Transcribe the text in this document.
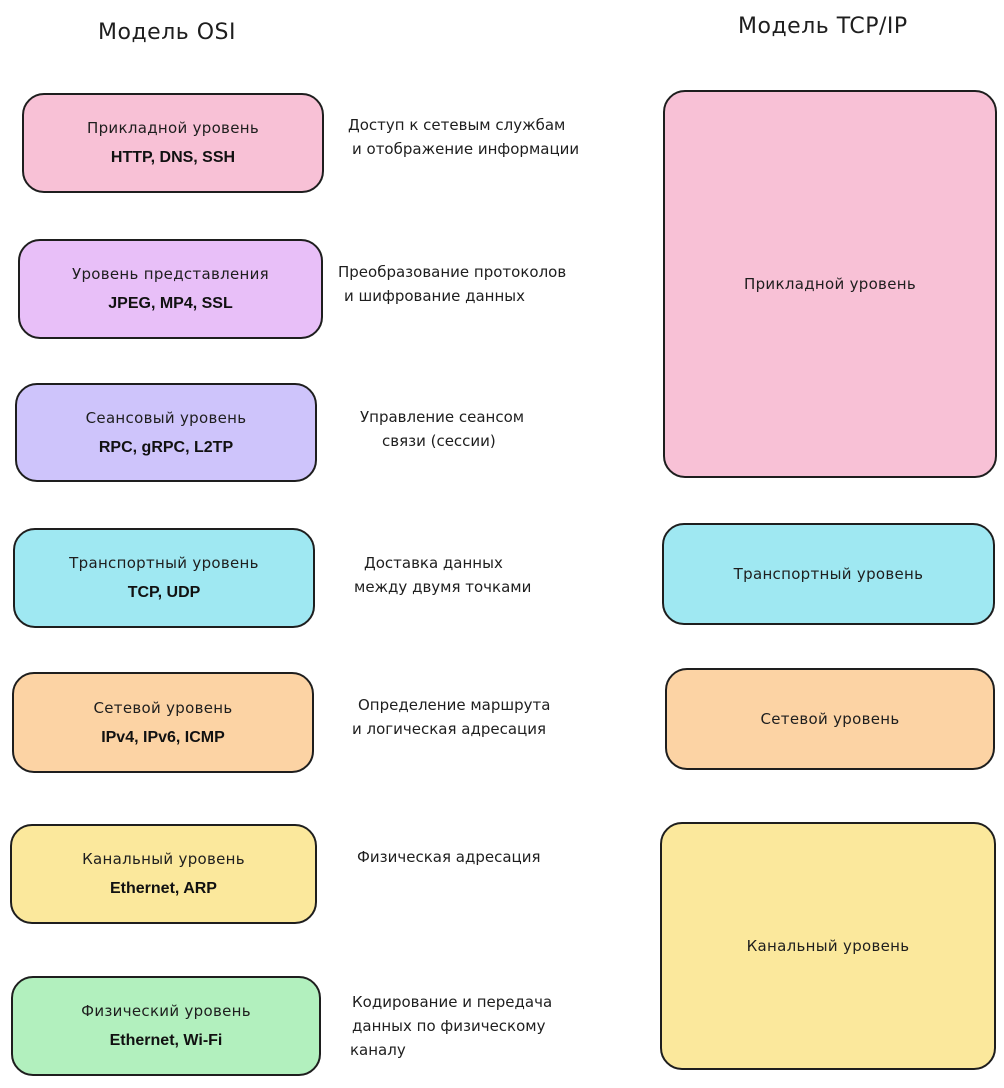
Модель OSI	Модель TCP/IP
Прикладной уровень
HTTP, DNS, SSH
Уровень представления
JPEG, MP4, SSL
Сеансовый уровень
RPC, gRPC, L2TP
Транспортный уровень
TCP, UDP
Сетевой уровень
IPv4, IPv6, ICMP
Канальный уровень
Ethernet, ARP
Физический уровень
Ethernet, Wi-Fi
Доступ к сетевым службам
и отображение информации
Преобразование протоколов
и шифрование данных
Управление сеансом
связи (сессии)
Доставка данных
между двумя точками
Определение маршрута
и логическая адресация
Физическая адресация
Кодирование и передача
данных по физическому
каналу
Прикладной уровень
Транспортный уровень
Сетевой уровень
Канальный уровень
